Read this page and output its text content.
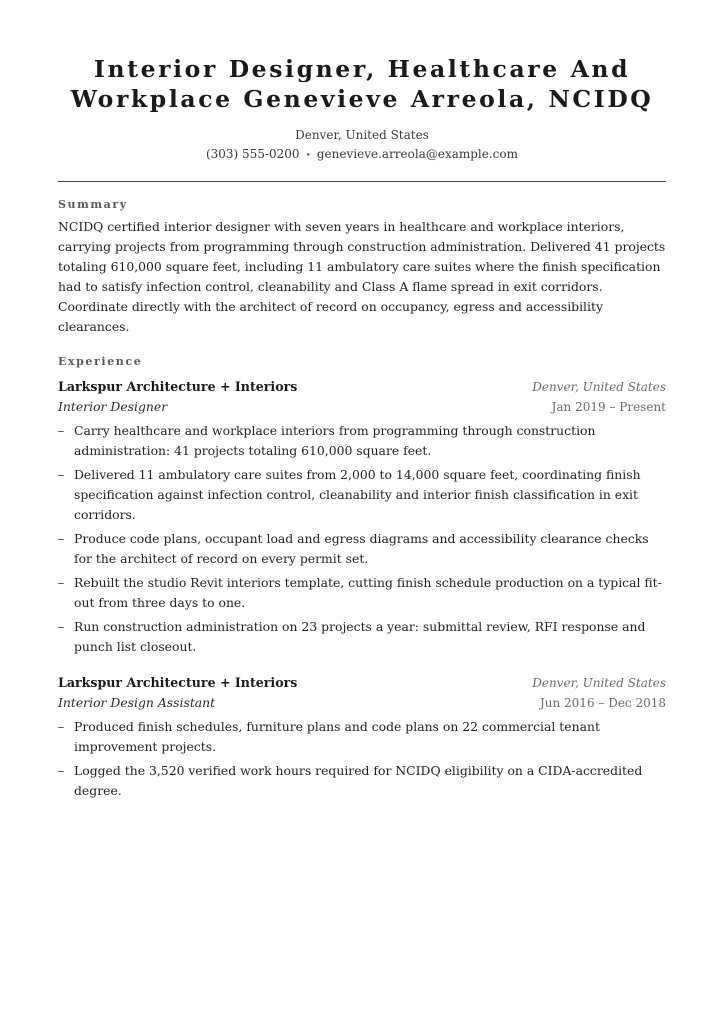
Interior Designer, Healthcare And Workplace Genevieve Arreola, NCIDQ
Denver, United States
(303) 555-0200 • genevieve.arreola@example.com
Summary
NCIDQ certified interior designer with seven years in healthcare and workplace interiors, carrying projects from programming through construction administration. Delivered 41 projects totaling 610,000 square feet, including 11 ambulatory care suites where the finish specification had to satisfy infection control, cleanability and Class A flame spread in exit corridors. Coordinate directly with the architect of record on occupancy, egress and accessibility clearances.
Experience
Larkspur Architecture + Interiors	Denver, United States
Interior Designer	Jan 2019 – Present
– Carry healthcare and workplace interiors from programming through construction administration: 41 projects totaling 610,000 square feet.
– Delivered 11 ambulatory care suites from 2,000 to 14,000 square feet, coordinating finish specification against infection control, cleanability and interior finish classification in exit corridors.
– Produce code plans, occupant load and egress diagrams and accessibility clearance checks for the architect of record on every permit set.
– Rebuilt the studio Revit interiors template, cutting finish schedule production on a typical fit-out from three days to one.
– Run construction administration on 23 projects a year: submittal review, RFI response and punch list closeout.
Larkspur Architecture + Interiors	Denver, United States
Interior Design Assistant	Jun 2016 – Dec 2018
– Produced finish schedules, furniture plans and code plans on 22 commercial tenant improvement projects.
– Logged the 3,520 verified work hours required for NCIDQ eligibility on a CIDA-accredited degree.
